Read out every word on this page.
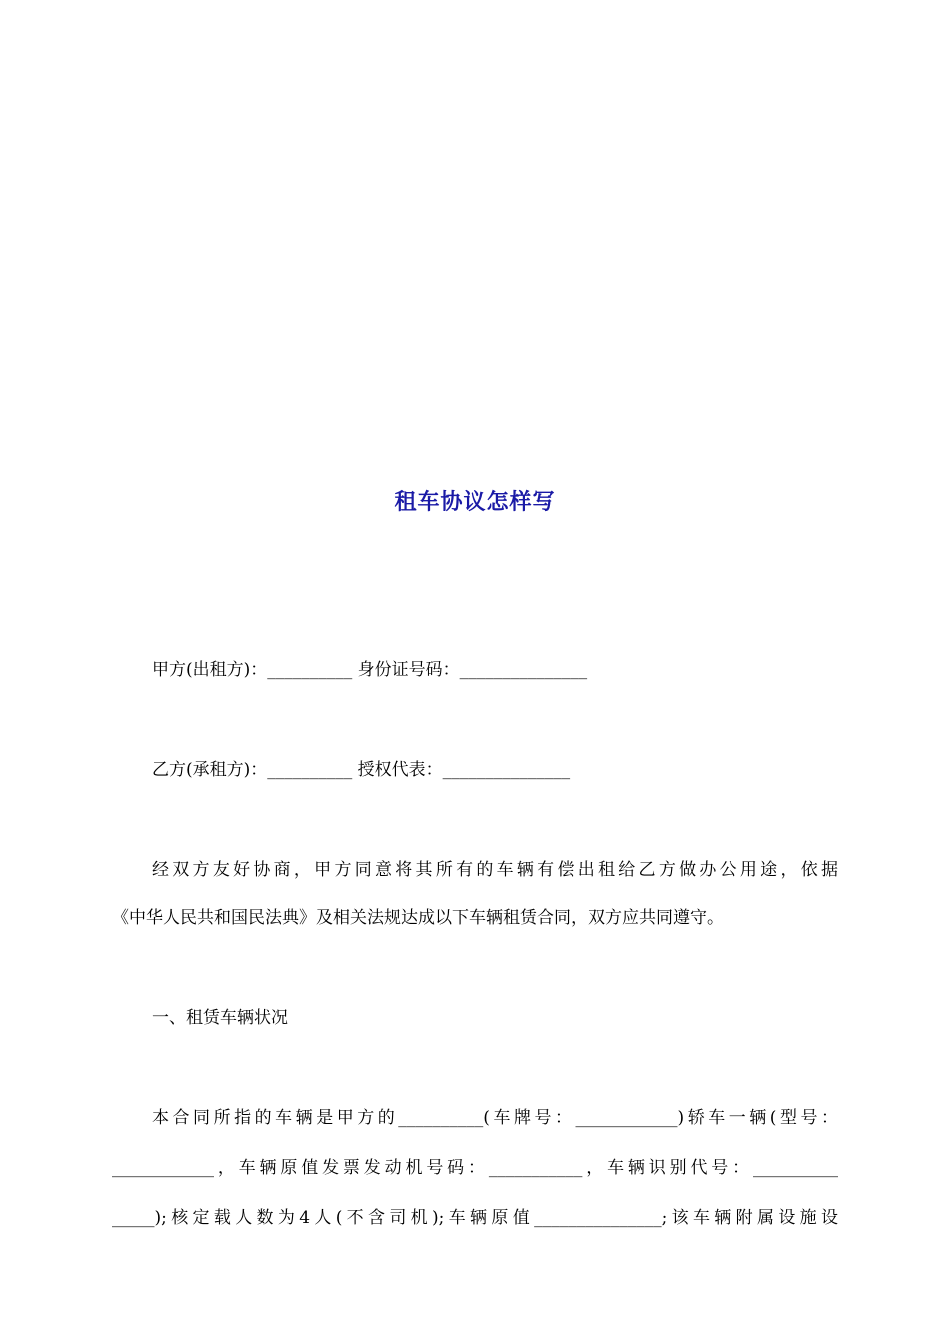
租车协议怎样写
甲方(出租方)：__________ 身份证号码：_______________
乙方(承租方)：__________ 授权代表：_______________
经双方友好协商，甲方同意将其所有的车辆有偿出租给乙方做办公用途，依据
《中华人民共和国民法典》及相关法规达成以下车辆租赁合同，双方应共同遵守。
一、租赁车辆状况
本合同所指的车辆是甲方的__________(车牌号：____________)轿车一辆(型号：
____________，车辆原值发票发动机号码：___________，车辆识别代号：__________
_____);核定载人数为4人(不含司机);车辆原值_______________;该车辆附属设施设
